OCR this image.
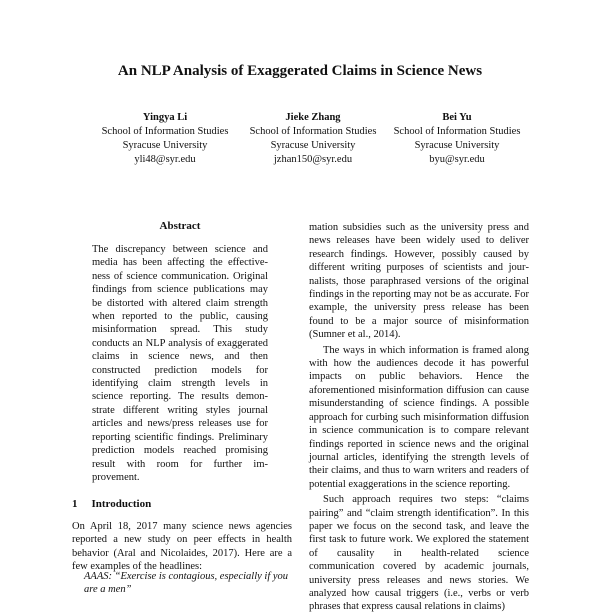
An NLP Analysis of Exaggerated Claims in Science News
Yingya Li
School of Information Studies
Syracuse University
yli48@syr.edu
Jieke Zhang
School of Information Studies
Syracuse University
jzhan150@syr.edu
Bei Yu
School of Information Studies
Syracuse University
byu@syr.edu
Abstract

The discrepancy between science and media has been affecting the effectiveness of science communication. Original findings from science publications may be distorted with altered claim strength when reported to the public, causing misinformation spread. This study conducts an NLP analysis of exaggerated claims in science news, and then constructed prediction models for identifying claim strength levels in science reporting. The results demonstrate different writing styles journal articles and news/press releases use for reporting scientific findings. Preliminary prediction models reached promising result with room for further improvement.

1 Introduction

On April 18, 2017 many science news agencies reported a new study on peer effects in health behavior (Aral and Nicolaides, 2017). Here are a few examples of the headlines:

AAAS: “Exercise is contagious, especially if you are a men”

mation subsidies such as the university press and news releases have been widely used to deliver research findings. However, possibly caused by different writing purposes of scientists and journalists, those paraphrased versions of the original findings in the reporting may not be as accurate. For example, the university press release has been found to be a major source of misinformation (Sumner et al., 2014).

The ways in which information is framed along with how the audiences decode it has powerful impacts on public behaviors. Hence the aforementioned misinformation diffusion can cause misunderstanding of science findings. A possible approach for curbing such misinformation diffusion in science communication is to compare relevant findings reported in science news and the original journal articles, identifying the strength levels of their claims, and thus to warn writers and readers of potential exaggerations in the science reporting.

Such approach requires two steps: “claims pairing” and “claim strength identification”. In this paper we focus on the second task, and leave the first task to future work. We explored the statement of causality in health-related science communication covered by academic journals, university press releases and news stories. We analyzed how causal triggers (i.e., verbs or verb phrases that express causal relations in claims)
